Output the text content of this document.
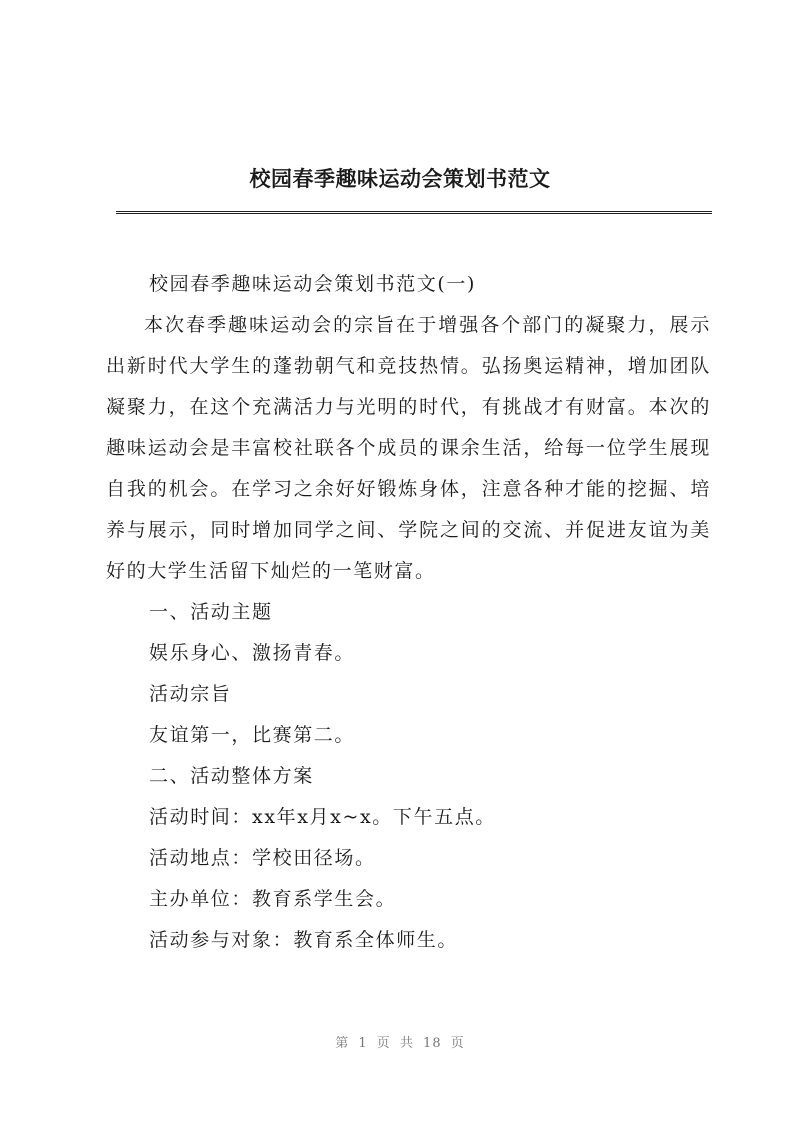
校园春季趣味运动会策划书范文

校园春季趣味运动会策划书范文(一)

本次春季趣味运动会的宗旨在于增强各个部门的凝聚力，展示出新时代大学生的蓬勃朝气和竞技热情。弘扬奥运精神，增加团队凝聚力，在这个充满活力与光明的时代，有挑战才有财富。本次的趣味运动会是丰富校社联各个成员的课余生活，给每一位学生展现自我的机会。在学习之余好好锻炼身体，注意各种才能的挖掘、培养与展示，同时增加同学之间、学院之间的交流、并促进友谊为美好的大学生活留下灿烂的一笔财富。

一、活动主题

娱乐身心、激扬青春。

活动宗旨

友谊第一，比赛第二。

二、活动整体方案

活动时间：xx年x月x~x。下午五点。

活动地点：学校田径场。

主办单位：教育系学生会。

活动参与对象：教育系全体师生。

第 1 页 共 18 页
